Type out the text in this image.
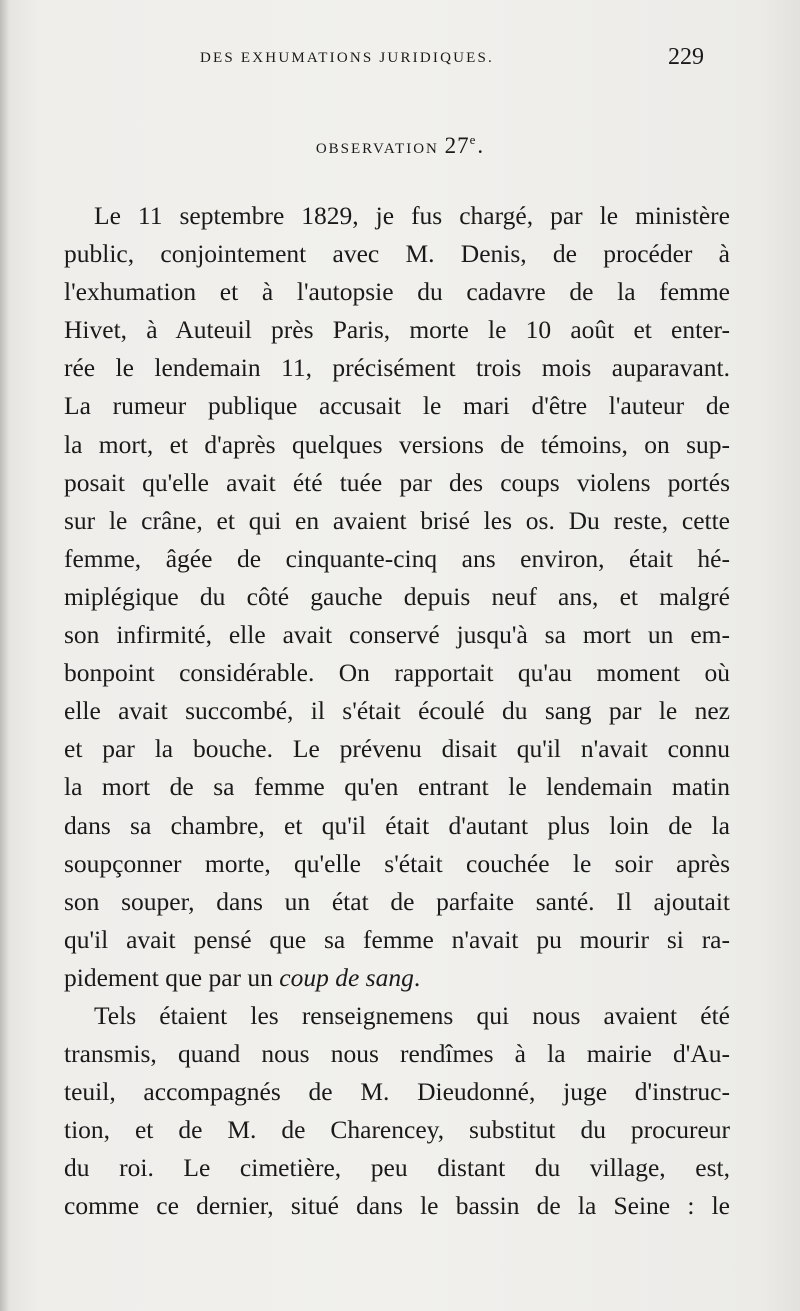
DES EXHUMATIONS JURIDIQUES.	229
OBSERVATION 27e.
Le 11 septembre 1829, je fus chargé, par le ministère
public, conjointement avec M. Denis, de procéder à
l'exhumation et à l'autopsie du cadavre de la femme
Hivet, à Auteuil près Paris, morte le 10 août et enter-
rée le lendemain 11, précisément trois mois auparavant.
La rumeur publique accusait le mari d'être l'auteur de
la mort, et d'après quelques versions de témoins, on sup-
posait qu'elle avait été tuée par des coups violens portés
sur le crâne, et qui en avaient brisé les os. Du reste, cette
femme, âgée de cinquante-cinq ans environ, était hé-
miplégique du côté gauche depuis neuf ans, et malgré
son infirmité, elle avait conservé jusqu'à sa mort un em-
bonpoint considérable. On rapportait qu'au moment où
elle avait succombé, il s'était écoulé du sang par le nez
et par la bouche. Le prévenu disait qu'il n'avait connu
la mort de sa femme qu'en entrant le lendemain matin
dans sa chambre, et qu'il était d'autant plus loin de la
soupçonner morte, qu'elle s'était couchée le soir après
son souper, dans un état de parfaite santé. Il ajoutait
qu'il avait pensé que sa femme n'avait pu mourir si ra-
pidement que par un coup de sang.
Tels étaient les renseignemens qui nous avaient été
transmis, quand nous nous rendîmes à la mairie d'Au-
teuil, accompagnés de M. Dieudonné, juge d'instruc-
tion, et de M. de Charencey, substitut du procureur
du roi. Le cimetière, peu distant du village, est,
comme ce dernier, situé dans le bassin de la Seine : le
